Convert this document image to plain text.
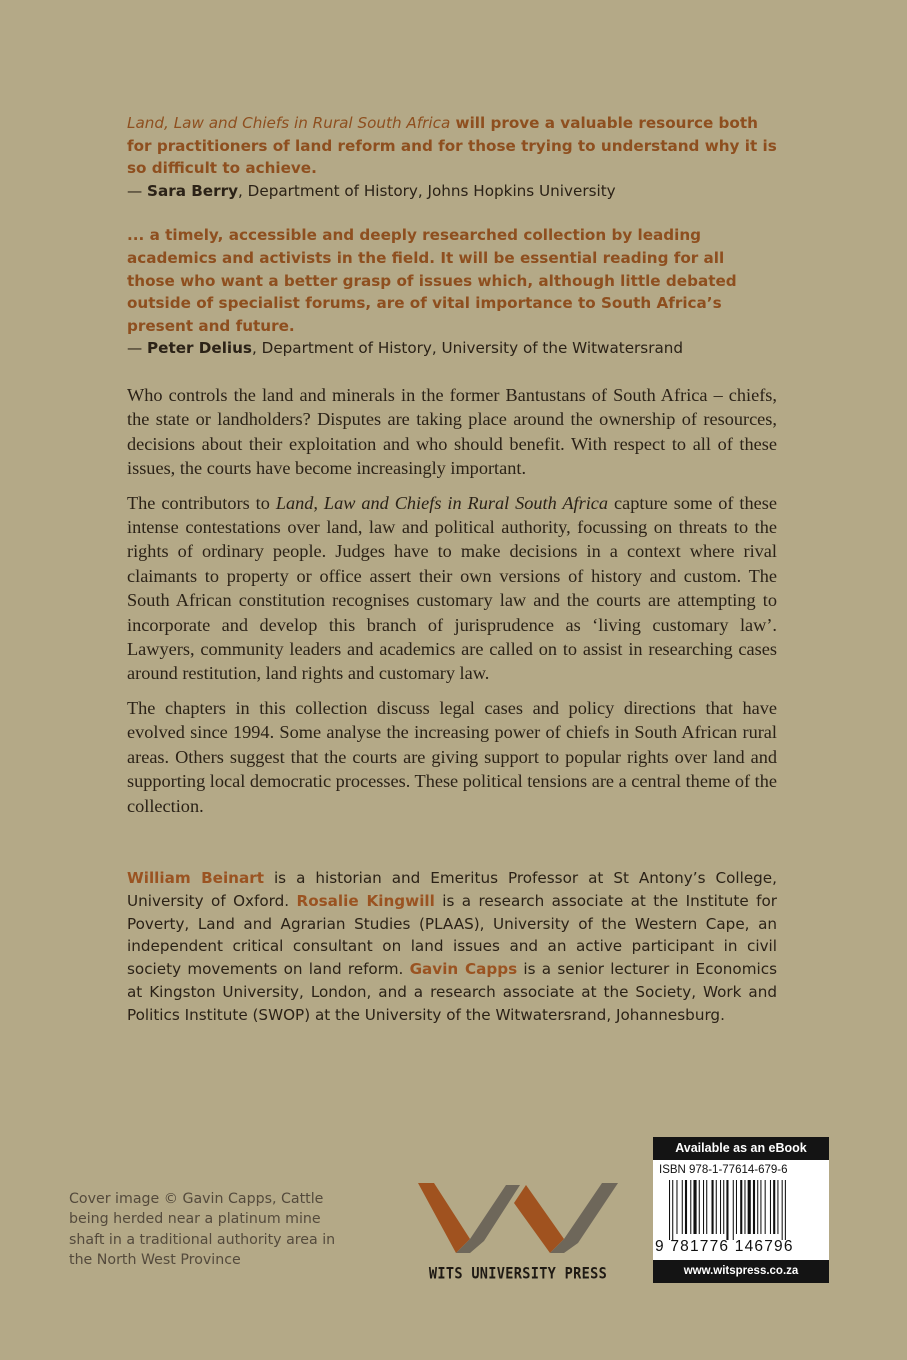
Land, Law and Chiefs in Rural South Africa will prove a valuable resource both for practitioners of land reform and for those trying to understand why it is so difficult to achieve.

— Sara Berry, Department of History, Johns Hopkins University

... a timely, accessible and deeply researched collection by leading academics and activists in the field. It will be essential reading for all those who want a better grasp of issues which, although little debated outside of specialist forums, are of vital importance to South Africa’s present and future.

— Peter Delius, Department of History, University of the Witwatersrand

Who controls the land and minerals in the former Bantustans of South Africa – chiefs, the state or landholders? Disputes are taking place around the ownership of resources, decisions about their exploitation and who should benefit. With respect to all of these issues, the courts have become increasingly important.

The contributors to Land, Law and Chiefs in Rural South Africa capture some of these intense contestations over land, law and political authority, focussing on threats to the rights of ordinary people. Judges have to make decisions in a context where rival claimants to property or office assert their own versions of history and custom. The South African constitution recognises customary law and the courts are attempting to incorporate and develop this branch of jurisprudence as ‘living customary law’. Lawyers, community leaders and academics are called on to assist in researching cases around restitution, land rights and customary law.

The chapters in this collection discuss legal cases and policy directions that have evolved since 1994. Some analyse the increasing power of chiefs in South African rural areas. Others suggest that the courts are giving support to popular rights over land and supporting local democratic processes. These political tensions are a central theme of the collection.

William Beinart is a historian and Emeritus Professor at St Antony’s College, University of Oxford. Rosalie Kingwill is a research associate at the Institute for Poverty, Land and Agrarian Studies (PLAAS), University of the Western Cape, an independent critical consultant on land issues and an active participant in civil society movements on land reform. Gavin Capps is a senior lecturer in Economics at Kingston University, London, and a research associate at the Society, Work and Politics Institute (SWOP) at the University of the Witwatersrand, Johannesburg.

Cover image © Gavin Capps, Cattle being herded near a platinum mine shaft in a traditional authority area in the North West Province

WITS UNIVERSITY PRESS

Available as an eBook

ISBN 978-1-77614-679-6

9 781776 146796

www.witspress.co.za
